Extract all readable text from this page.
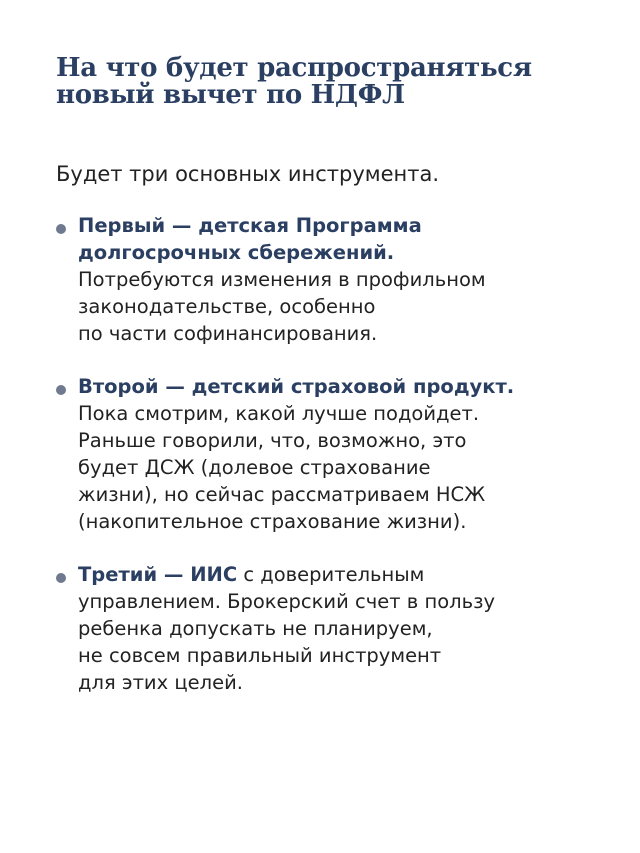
На что будет распространяться
новый вычет по НДФЛ

Будет три основных инструмента.

Первый — детская Программа
долгосрочных сбережений.
Потребуются изменения в профильном
законодательстве, особенно
по части софинансирования.
Второй — детский страховой продукт.
Пока смотрим, какой лучше подойдет.
Раньше говорили, что, возможно, это
будет ДСЖ (долевое страхование
жизни), но сейчас рассматриваем НСЖ
(накопительное страхование жизни).
Третий — ИИС с доверительным
управлением. Брокерский счет в пользу
ребенка допускать не планируем,
не совсем правильный инструмент
для этих целей.
